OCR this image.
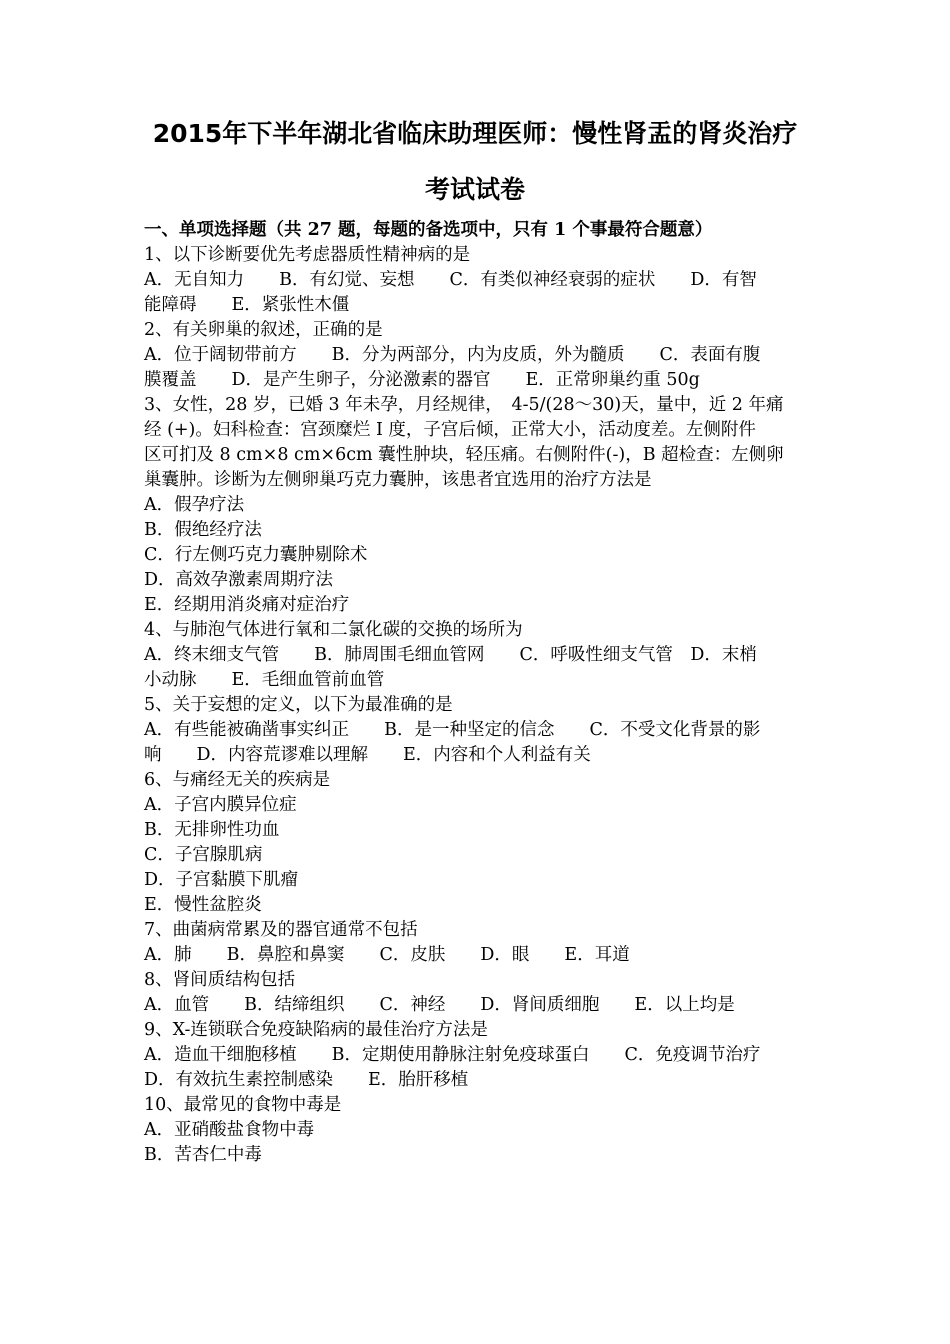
2015年下半年湖北省临床助理医师：慢性肾盂的肾炎治疗
考试试卷
一、单项选择题（共 27 题，每题的备选项中，只有 1 个事最符合题意）
1、以下诊断要优先考虑器质性精神病的是
A．无自知力　　B．有幻觉、妄想　　C．有类似神经衰弱的症状　　D．有智
能障碍　　E．紧张性木僵
2、有关卵巢的叙述，正确的是
A．位于阔韧带前方　　B．分为两部分，内为皮质，外为髓质　　C．表面有腹
膜覆盖　　D．是产生卵子，分泌激素的器官　　E．正常卵巢约重 50g
3、女性，28 岁，已婚 3 年未孕，月经规律，　4-5/(28～30)天，量中，近 2 年痛
经 (+)。妇科检查：宫颈糜烂 I 度，子宫后倾，正常大小，活动度差。左侧附件
区可扪及 8 cm×8 cm×6cm 囊性肿块，轻压痛。右侧附件(-)，B 超检查：左侧卵
巢囊肿。诊断为左侧卵巢巧克力囊肿，该患者宜选用的治疗方法是
A．假孕疗法
B．假绝经疗法
C．行左侧巧克力囊肿剔除术
D．高效孕激素周期疗法
E．经期用消炎痛对症治疗
4、与肺泡气体进行氧和二氯化碳的交换的场所为
A．终末细支气管　　B．肺周围毛细血管网　　C．呼吸性细支气管　D．末梢
小动脉　　E．毛细血管前血管
5、关于妄想的定义，以下为最准确的是
A．有些能被确凿事实纠正　　B．是一种坚定的信念　　C．不受文化背景的影
响　　D．内容荒谬难以理解　　E．内容和个人利益有关
6、与痛经无关的疾病是
A．子宫内膜异位症
B．无排卵性功血
C．子宫腺肌病
D．子宫黏膜下肌瘤
E．慢性盆腔炎
7、曲菌病常累及的器官通常不包括
A．肺　　B．鼻腔和鼻窦　　C．皮肤　　D．眼　　E．耳道
8、肾间质结构包括
A．血管　　B．结缔组织　　C．神经　　D．肾间质细胞　　E．以上均是
9、X-连锁联合免疫缺陷病的最佳治疗方法是
A．造血干细胞移植　　B．定期使用静脉注射免疫球蛋白　　C．免疫调节治疗
D．有效抗生素控制感染　　E．胎肝移植
10、最常见的食物中毒是
A．亚硝酸盐食物中毒
B．苦杏仁中毒
